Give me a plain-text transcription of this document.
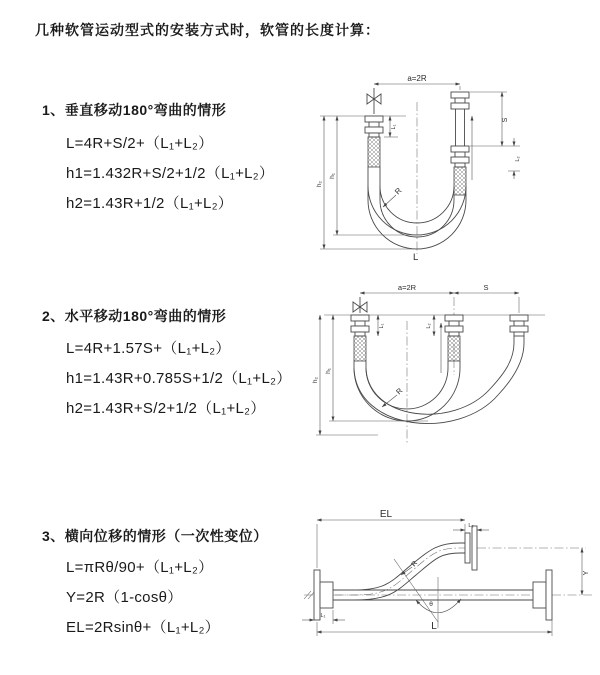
几种软管运动型式的安装方式时，软管的长度计算：
1、垂直移动180°弯曲的情形
L=4R+S/2+（L₁+L₂）
h1=1.432R+S/2+1/2（L₁+L₂）
h2=1.43R+1/2（L₁+L₂）
2、水平移动180°弯曲的情形
L=4R+1.57S+（L₁+L₂）
h1=1.43R+0.785S+1/2（L₁+L₂）
h2=1.43R+S/2+1/2（L₁+L₂）
3、横向位移的情形（一次性变位）
L=πRθ/90+（L₁+L₂）
Y=2R（1-cosθ）
EL=2Rsinθ+（L₁+L₂）
a=2R
h₂
h₁
L₁
S
L₂
R
L
a=2R	S
h₂
h₁
L₁	L₂
R
θ
R
EL
L₂
Y
L
L₁
